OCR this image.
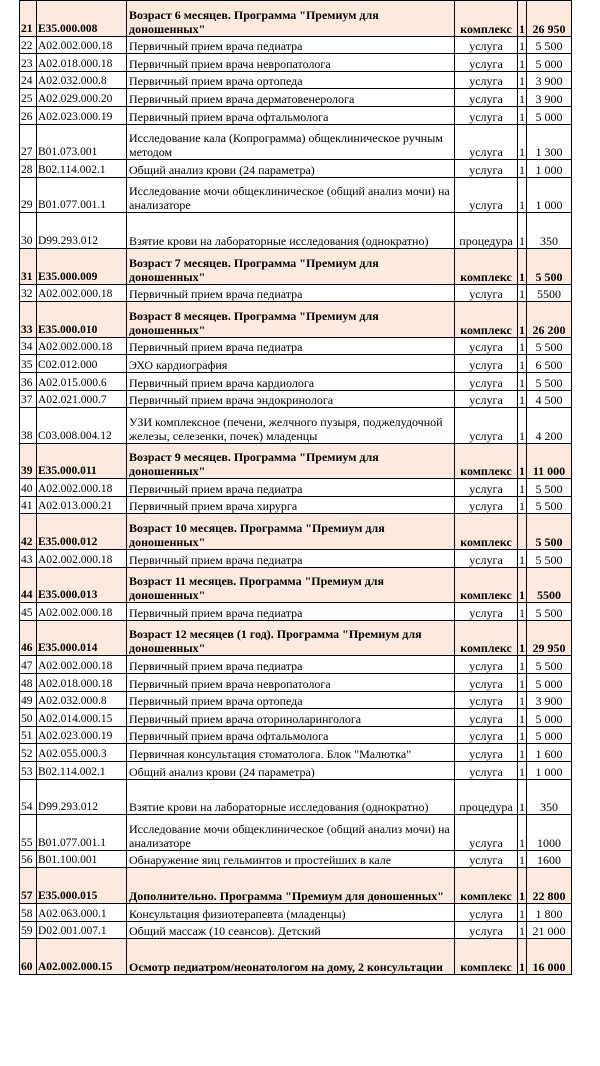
21	E35.000.008	Возраст 6 месяцев. Программа "Премиум для доношенных"	комплекс	1	26 950
22	A02.002.000.18	Первичный прием врача педиатра	услуга	1	5 500
23	A02.018.000.18	Первичный прием врача невропатолога	услуга	1	5 000
24	A02.032.000.8	Первичный прием врача ортопеда	услуга	1	3 900
25	A02.029.000.20	Первичный прием врача дерматовенеролога	услуга	1	3 900
26	A02.023.000.19	Первичный прием врача офтальмолога	услуга	1	5 000
27	B01.073.001	Исследование кала (Копрограмма) общеклиническое ручным методом	услуга	1	1 300
28	B02.114.002.1	Общий анализ крови (24 параметра)	услуга	1	1 000
29	B01.077.001.1	Исследование мочи общеклиническое (общий анализ мочи) на анализаторе	услуга	1	1 000
30	D99.293.012	Взятие крови на лабораторные исследования (однократно)	процедура	1	350
31	E35.000.009	Возраст 7 месяцев. Программа "Премиум для доношенных"	комплекс	1	5 500
32	A02.002.000.18	Первичный прием врача педиатра	услуга	1	5500
33	E35.000.010	Возраст 8 месяцев. Программа "Премиум для доношенных"	комплекс	1	26 200
34	A02.002.000.18	Первичный прием врача педиатра	услуга	1	5 500
35	C02.012.000	ЭХО кардиография	услуга	1	6 500
36	A02.015.000.6	Первичный прием врача кардиолога	услуга	1	5 500
37	A02.021.000.7	Первичный прием врача эндокринолога	услуга	1	4 500
38	C03.008.004.12	УЗИ комплексное (печени, желчного пузыря, поджелудочной железы, селезенки, почек) младенцы	услуга	1	4 200
39	E35.000.011	Возраст 9 месяцев. Программа "Премиум для доношенных"	комплекс	1	11 000
40	A02.002.000.18	Первичный прием врача педиатра	услуга	1	5 500
41	A02.013.000.21	Первичный прием врача хирурга	услуга	1	5 500
42	E35.000.012	Возраст 10 месяцев. Программа "Премиум для доношенных"	комплекс		5 500
43	A02.002.000.18	Первичный прием врача педиатра	услуга	1	5 500
44	E35.000.013	Возраст 11 месяцев. Программа "Премиум для доношенных"	комплекс	1	5500
45	A02.002.000.18	Первичный прием врача педиатра	услуга	1	5 500
46	E35.000.014	Возраст 12 месяцев (1 год). Программа "Премиум для доношенных"	комплекс	1	29 950
47	A02.002.000.18	Первичный прием врача педиатра	услуга	1	5 500
48	A02.018.000.18	Первичный прием врача невропатолога	услуга	1	5 000
49	A02.032.000.8	Первичный прием врача ортопеда	услуга	1	3 900
50	A02.014.000.15	Первичный прием врача оториноларинголога	услуга	1	5 000
51	A02.023.000.19	Первичный прием врача офтальмолога	услуга	1	5 000
52	A02.055.000.3	Первичная консультация стоматолога. Блок "Малютка"	услуга	1	1 600
53	B02.114.002.1	Общий анализ крови (24 параметра)	услуга	1	1 000
54	D99.293.012	Взятие крови на лабораторные исследования (однократно)	процедура	1	350
55	B01.077.001.1	Исследование мочи общеклиническое (общий анализ мочи) на анализаторе	услуга	1	1000
56	B01.100.001	Обнаружение яиц гельминтов и простейших в кале	услуга	1	1600
57	E35.000.015	Дополнительно. Программа "Премиум для доношенных"	комплекс	1	22 800
58	A02.063.000.1	Консультация физиотерапевта (младенцы)	услуга	1	1 800
59	D02.001.007.1	Общий массаж (10 сеансов). Детский	услуга	1	21 000
60	A02.002.000.15	Осмотр педиатром/неонатологом на дому, 2 консультации	комплекс	1	16 000
